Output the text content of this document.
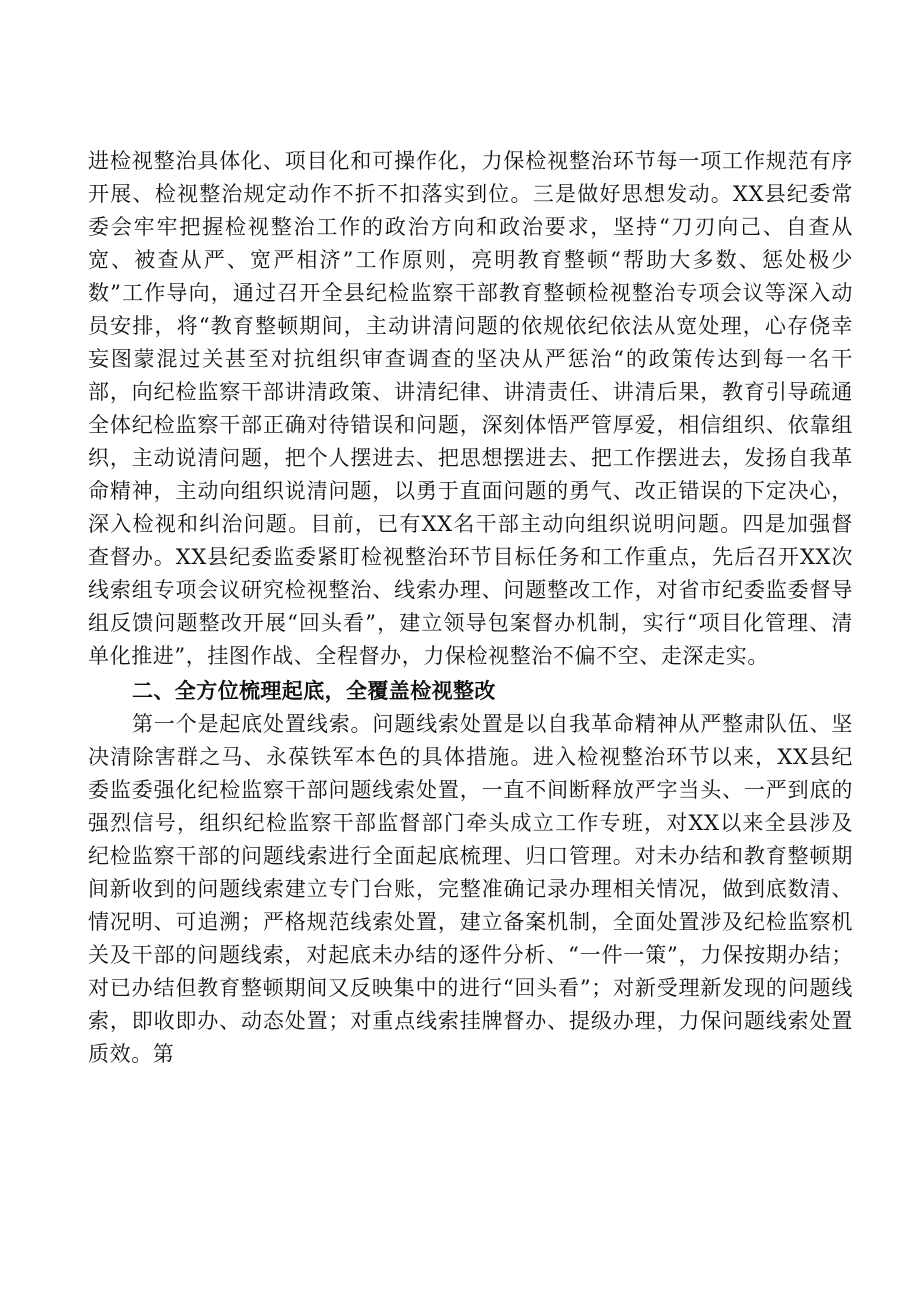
进检视整治具体化、项目化和可操作化，力保检视整治环节每一项工作规范有序开展、检视整治规定动作不折不扣落实到位。三是做好思想发动。XX县纪委常委会牢牢把握检视整治工作的政治方向和政治要求，坚持“刀刃向己、自查从宽、被查从严、宽严相济”工作原则，亮明教育整顿“帮助大多数、惩处极少数”工作导向，通过召开全县纪检监察干部教育整顿检视整治专项会议等深入动员安排，将“教育整顿期间，主动讲清问题的依规依纪依法从宽处理，心存侥幸妄图蒙混过关甚至对抗组织审查调查的坚决从严惩治“的政策传达到每一名干部，向纪检监察干部讲清政策、讲清纪律、讲清责任、讲清后果，教育引导疏通全体纪检监察干部正确对待错误和问题，深刻体悟严管厚爱，相信组织、依靠组织，主动说清问题，把个人摆进去、把思想摆进去、把工作摆进去，发扬自我革命精神，主动向组织说清问题，以勇于直面问题的勇气、改正错误的下定决心，深入检视和纠治问题。目前，已有XX名干部主动向组织说明问题。四是加强督查督办。XX县纪委监委紧盯检视整治环节目标任务和工作重点，先后召开XX次线索组专项会议研究检视整治、线索办理、问题整改工作，对省市纪委监委督导组反馈问题整改开展“回头看”，建立领导包案督办机制，实行“项目化管理、清单化推进”，挂图作战、全程督办，力保检视整治不偏不空、走深走实。

二、全方位梳理起底，全覆盖检视整改

第一个是起底处置线索。问题线索处置是以自我革命精神从严整肃队伍、坚决清除害群之马、永葆铁军本色的具体措施。进入检视整治环节以来，XX县纪委监委强化纪检监察干部问题线索处置，一直不间断释放严字当头、一严到底的强烈信号，组织纪检监察干部监督部门牵头成立工作专班，对XX以来全县涉及纪检监察干部的问题线索进行全面起底梳理、归口管理。对未办结和教育整顿期间新收到的问题线索建立专门台账，完整准确记录办理相关情况，做到底数清、情况明、可追溯；严格规范线索处置，建立备案机制，全面处置涉及纪检监察机关及干部的问题线索，对起底未办结的逐件分析、“一件一策”，力保按期办结；对已办结但教育整顿期间又反映集中的进行“回头看”；对新受理新发现的问题线索，即收即办、动态处置；对重点线索挂牌督办、提级办理，力保问题线索处置质效。第
